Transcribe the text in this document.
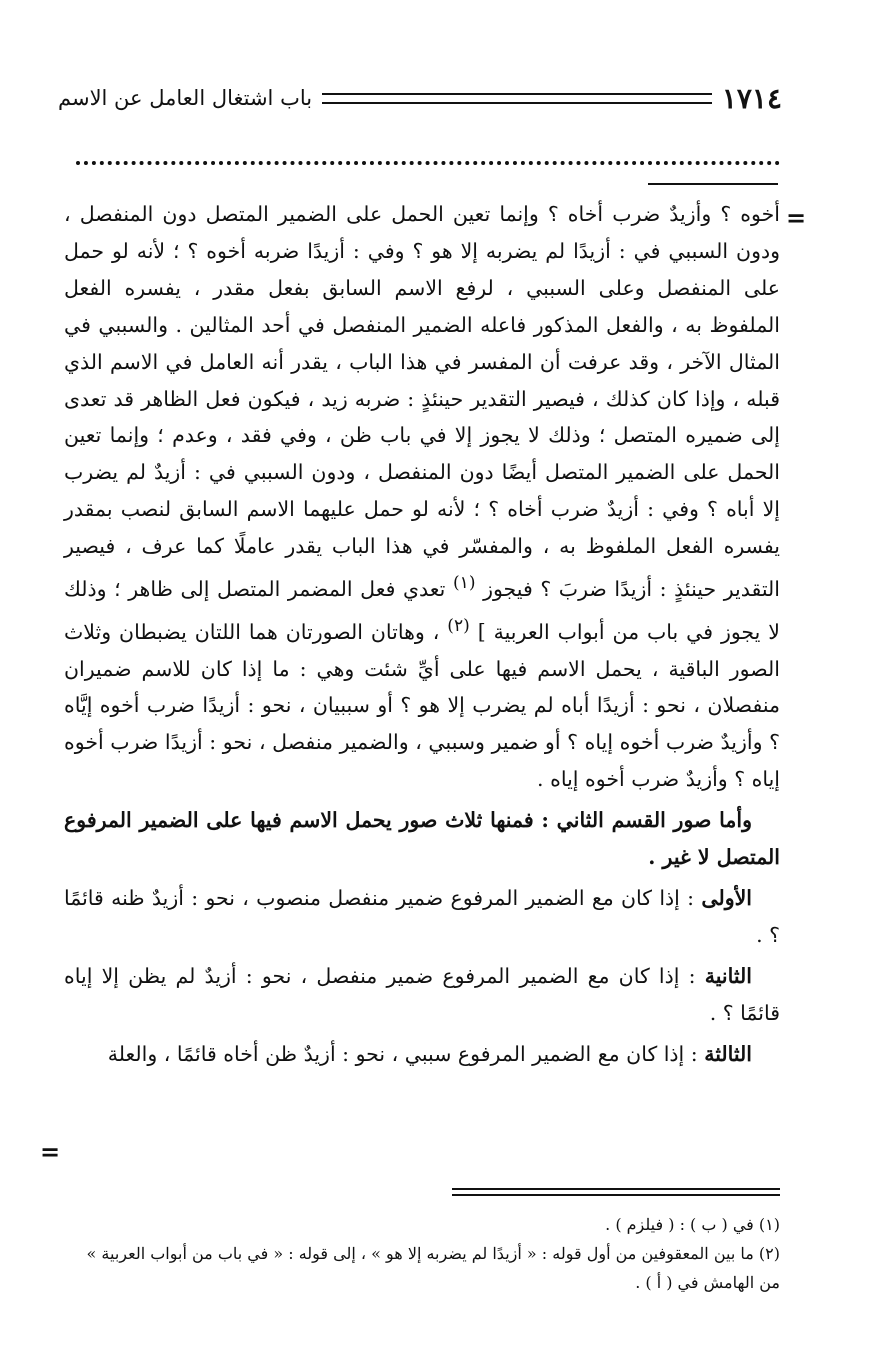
١٧١٤
باب اشتغال العامل عن الاسم
=

أخوه ؟ وأزيدٌ ضرب أخاه ؟ وإنما تعين الحمل على الضمير المتصل دون المنفصل ، ودون السببي في : أزيدًا لم يضربه إلا هو ؟ وفي : أزيدًا ضربه أخوه ؟ ؛ لأنه لو حمل على المنفصل وعلى السببي ، لرفع الاسم السابق بفعل مقدر ، يفسره الفعل الملفوظ به ، والفعل المذكور فاعله الضمير المنفصل في أحد المثالين . والسببي في المثال الآخر ، وقد عرفت أن المفسر في هذا الباب ، يقدر أنه العامل في الاسم الذي قبله ، وإذا كان كذلك ، فيصير التقدير حينئذٍ : ضربه زيد ، فيكون فعل الظاهر قد تعدى إلى ضميره المتصل ؛ وذلك لا يجوز إلا في باب ظن ، وفي فقد ، وعدم ؛ وإنما تعين الحمل على الضمير المتصل أيضًا دون المنفصل ، ودون السببي في : أزيدٌ لم يضرب إلا أباه ؟ وفي : أزيدٌ ضرب أخاه ؟ ؛ لأنه لو حمل عليهما الاسم السابق لنصب بمقدر يفسره الفعل الملفوظ به ، والمفسّر في هذا الباب يقدر عاملًا كما عرف ، فيصير التقدير حينئذٍ : أزيدًا ضربَ ؟ فيجوز $^{(١)}$ تعدي فعل المضمر المتصل إلى ظاهر ؛ وذلك لا يجوز في باب من أبواب العربية ] $^{(٢)}$ ، وهاتان الصورتان هما اللتان يضبطان وثلاث الصور الباقية ، يحمل الاسم فيها على أيِّ شئت وهي : ما إذا كان للاسم ضميران منفصلان ، نحو : أزيدًا أباه لم يضرب إلا هو ؟ أو سببيان ، نحو : أزيدًا ضرب أخوه إيَّاه ؟ وأزيدٌ ضرب أخوه إياه ؟ أو ضمير وسببي ، والضمير منفصل ، نحو : أزيدًا ضرب أخوه إياه ؟ وأزيدٌ ضرب أخوه إياه .

وأما صور القسم الثاني : فمنها ثلاث صور يحمل الاسم فيها على الضمير المرفوع المتصل لا غير .

الأولى : إذا كان مع الضمير المرفوع ضمير منفصل منصوب ، نحو : أزيدٌ ظنه قائمًا ؟ .

الثانية : إذا كان مع الضمير المرفوع ضمير منفصل ، نحو : أزيدٌ لم يظن إلا إياه قائمًا ؟ .

الثالثة : إذا كان مع الضمير المرفوع سببي ، نحو : أزيدٌ ظن أخاه قائمًا ، والعلة

=

(١) في ( ب ) : ( فيلزم ) .

(٢) ما بين المعقوفين من أول قوله : « أزيدًا لم يضربه إلا هو » ، إلى قوله : « في باب من أبواب العربية » من الهامش في ( أ ) .
